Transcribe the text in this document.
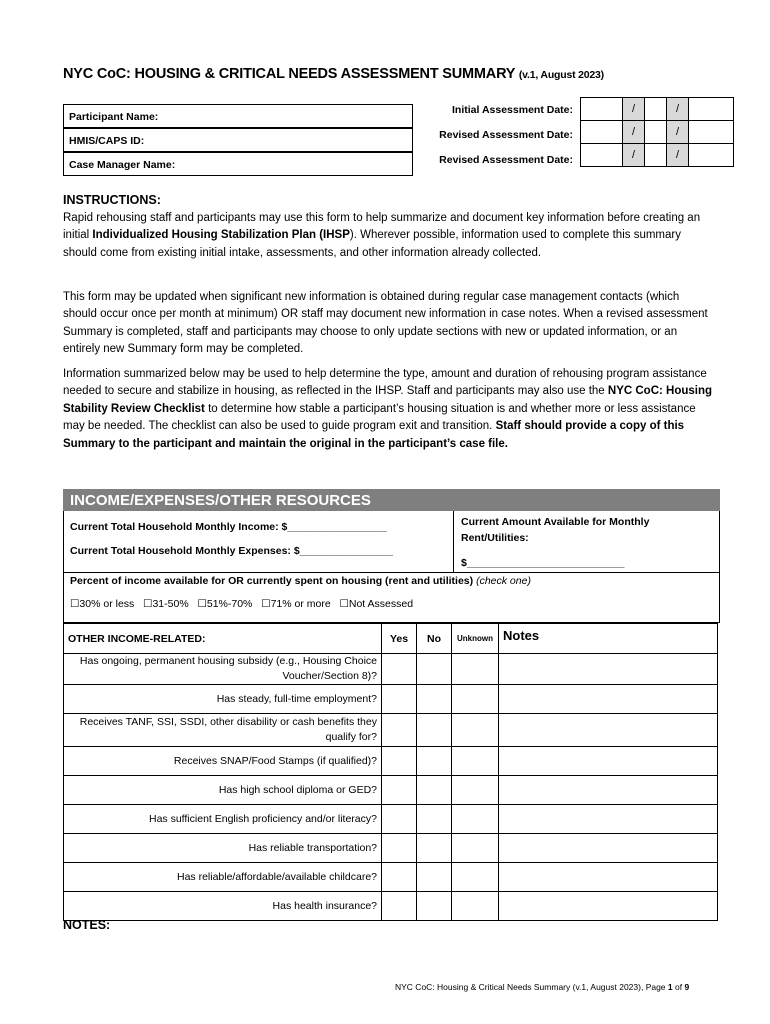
NYC CoC: HOUSING & CRITICAL NEEDS ASSESSMENT SUMMARY (v.1, August 2023)
Participant Name:
HMIS/CAPS ID:
Case Manager Name:
Initial Assessment Date:
Revised Assessment Date:
Revised Assessment Date:
	/		/	
	/		/	
	/		/	
INSTRUCTIONS:
Rapid rehousing staff and participants may use this form to help summarize and document key information before creating an initial Individualized Housing Stabilization Plan (IHSP). Wherever possible, information used to complete this summary should come from existing initial intake, assessments, and other information already collected.
This form may be updated when significant new information is obtained during regular case management contacts (which should occur once per month at minimum) OR staff may document new information in case notes. When a revised assessment Summary is completed, staff and participants may choose to only update sections with new or updated information, or an entirely new Summary form may be completed.
Information summarized below may be used to help determine the type, amount and duration of rehousing program assistance needed to secure and stabilize in housing, as reflected in the IHSP. Staff and participants may also use the NYC CoC: Housing Stability Review Checklist to determine how stable a participant’s housing situation is and whether more or less assistance may be needed. The checklist can also be used to guide program exit and transition. Staff should provide a copy of this Summary to the participant and maintain the original in the participant’s case file.
INCOME/EXPENSES/OTHER RESOURCES
Current Total Household Monthly Income: $_________________
Current Total Household Monthly Expenses: $________________
Current Amount Available for Monthly Rent/Utilities:
$___________________________
Percent of income available for OR currently spent on housing (rent and utilities) (check one)
☐30% or less ☐31-50% ☐51%-70% ☐71% or more ☐Not Assessed
OTHER INCOME-RELATED:	Yes	No	Unknown	Notes
Has ongoing, permanent housing subsidy (e.g., Housing Choice Voucher/Section 8)?				
Has steady, full-time employment?				
Receives TANF, SSI, SSDI, other disability or cash benefits they qualify for?				
Receives SNAP/Food Stamps (if qualified)?				
Has high school diploma or GED?				
Has sufficient English proficiency and/or literacy?				
Has reliable transportation?				
Has reliable/affordable/available childcare?				
Has health insurance?				
NOTES:
NYC CoC: Housing & Critical Needs Summary (v.1, August 2023), Page 1 of 9
